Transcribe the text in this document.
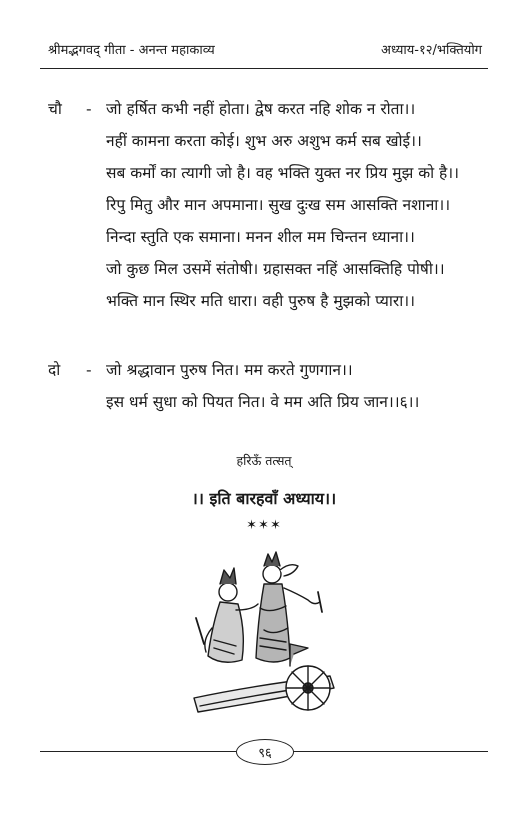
श्रीमद्भगवद् गीता - अनन्त महाकाव्य	अध्याय-१२/भक्तियोग
चौ	- जो हर्षित कभी नहीं होता। द्वेष करत नहि शोक न रोता।।
नहीं कामना करता कोई। शुभ अरु अशुभ कर्म सब खोई।।
सब कर्मों का त्यागी जो है। वह भक्ति युक्त नर प्रिय मुझ को है।।
रिपु मितु और मान अपमाना। सुख दुःख सम आसक्ति नशाना।।
निन्दा स्तुति एक समाना। मनन शील मम चिन्तन ध्याना।।
जो कुछ मिल उसमें संतोषी। ग्रहासक्त नहिं आसक्तिहि पोषी।।
भक्ति मान स्थिर मति धारा। वही पुरुष है मुझको प्यारा।।
दो	- जो श्रद्धावान पुरुष नित। मम करते गुणगान।।
इस धर्म सुधा को पियत नित। वे मम अति प्रिय जान।।६।।
हरिऊँ तत्सत्
।। इति बारहवाँ अध्याय।।
✶✶✶
९६
